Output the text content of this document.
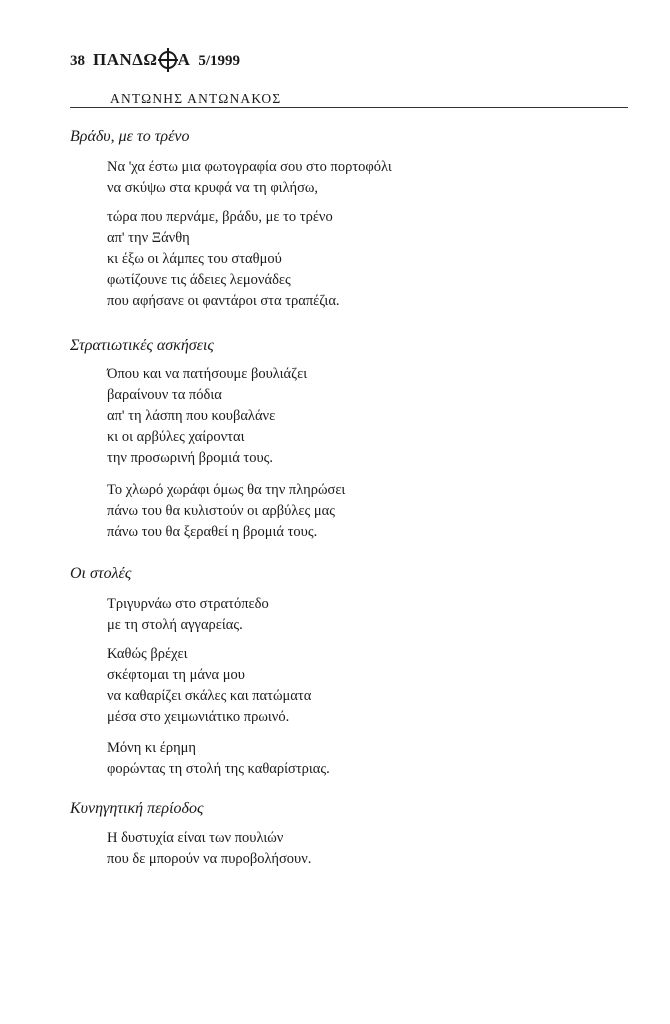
38 ΠΑΝΔΩ Α 5/1999
ΑΝΤΩΝΗΣ ΑΝΤΩΝΑΚΟΣ
Βράδυ, με το τρένο
Να 'χα έστω μια φωτογραφία σου στο πορτοφόλι
να σκύψω στα κρυφά να τη φιλήσω,
τώρα που περνάμε, βράδυ, με το τρένο
απ' την Ξάνθη
κι έξω οι λάμπες του σταθμού
φωτίζουνε τις άδειες λεμονάδες
που αφήσανε οι φαντάροι στα τραπέζια.
Στρατιωτικές ασκήσεις
Όπου και να πατήσουμε βουλιάζει
βαραίνουν τα πόδια
απ' τη λάσπη που κουβαλάνε
κι οι αρβύλες χαίρονται
την προσωρινή βρομιά τους.
Το χλωρό χωράφι όμως θα την πληρώσει
πάνω του θα κυλιστούν οι αρβύλες μας
πάνω του θα ξεραθεί η βρομιά τους.
Οι στολές
Τριγυρνάω στο στρατόπεδο
με τη στολή αγγαρείας.
Καθώς βρέχει
σκέφτομαι τη μάνα μου
να καθαρίζει σκάλες και πατώματα
μέσα στο χειμωνιάτικο πρωινό.
Μόνη κι έρημη
φορώντας τη στολή της καθαρίστριας.
Κυνηγητική περίοδος
Η δυστυχία είναι των πουλιών
που δε μπορούν να πυροβολήσουν.
